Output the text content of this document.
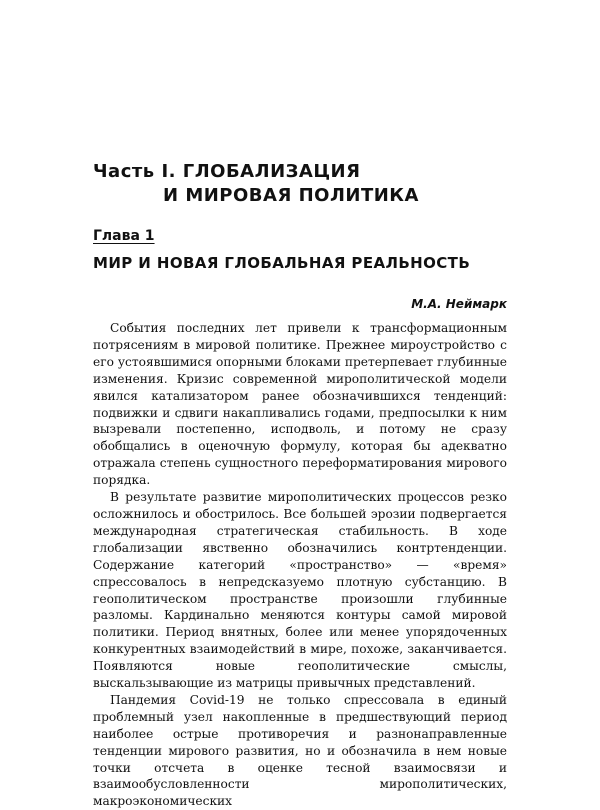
Часть I. ГЛОБАЛИЗАЦИЯ
И МИРОВАЯ ПОЛИТИКА
Глава 1
МИР И НОВАЯ ГЛОБАЛЬНАЯ РЕАЛЬНОСТЬ
М.А. Неймарк

События последних лет привели к трансформационным потрясениям в мировой политике. Прежнее мироустройство с его устоявшимися опорными блоками претерпевает глубинные изменения. Кризис современной мирополитической модели явился катализатором ранее обозначившихся тенденций: подвижки и сдвиги накапливались годами, предпосылки к ним вызревали постепенно, исподволь, и потому не сразу обобщались в оценочную формулу, которая бы адекватно отражала степень сущностного переформатирования мирового порядка.

В результате развитие мирополитических процессов резко осложнилось и обострилось. Все большей эрозии подвергается международная стратегическая стабильность. В ходе глобализации явственно обозначились контртенденции. Содержание категорий «пространство» — «время» спрессовалось в непредсказуемо плотную субстанцию. В геополитическом пространстве произошли глубинные разломы. Кардинально меняются контуры самой мировой политики. Период внятных, более или менее упорядоченных конкурентных взаимодействий в мире, похоже, заканчивается. Появляются новые геополитические смыслы, выскальзывающие из матрицы привычных представлений.

Пандемия Covid-19 не только спрессовала в единый проблемный узел накопленные в предшествующий период наиболее острые противоречия и разнонаправленные тенденции мирового развития, но и обозначила в нем новые точки отсчета в оценке тесной взаимосвязи и взаимообусловленности мирополитических, макроэкономических
